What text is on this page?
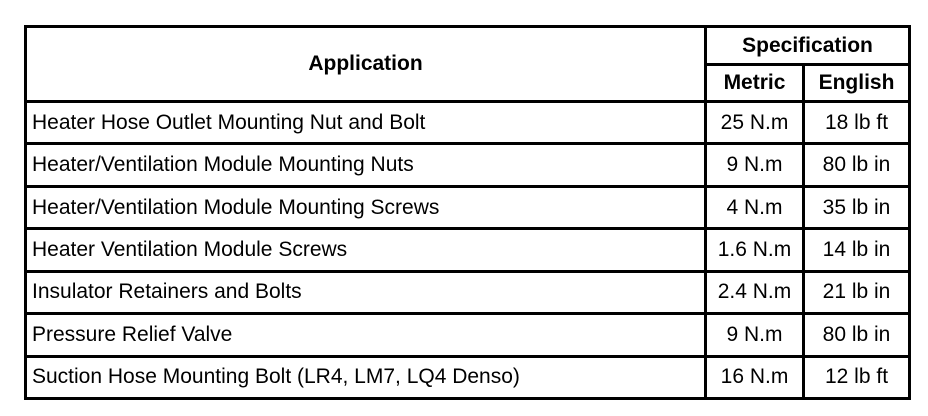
Application	Specification	
	Metric	English
Heater Hose Outlet Mounting Nut and Bolt	25 N.m	18 lb ft
Heater/Ventilation Module Mounting Nuts	9 N.m	80 lb in
Heater/Ventilation Module Mounting Screws	4 N.m	35 lb in
Heater Ventilation Module Screws	1.6 N.m	14 lb in
Insulator Retainers and Bolts	2.4 N.m	21 lb in
Pressure Relief Valve	9 N.m	80 lb in
Suction Hose Mounting Bolt (LR4, LM7, LQ4 Denso)	16 N.m	12 lb ft
